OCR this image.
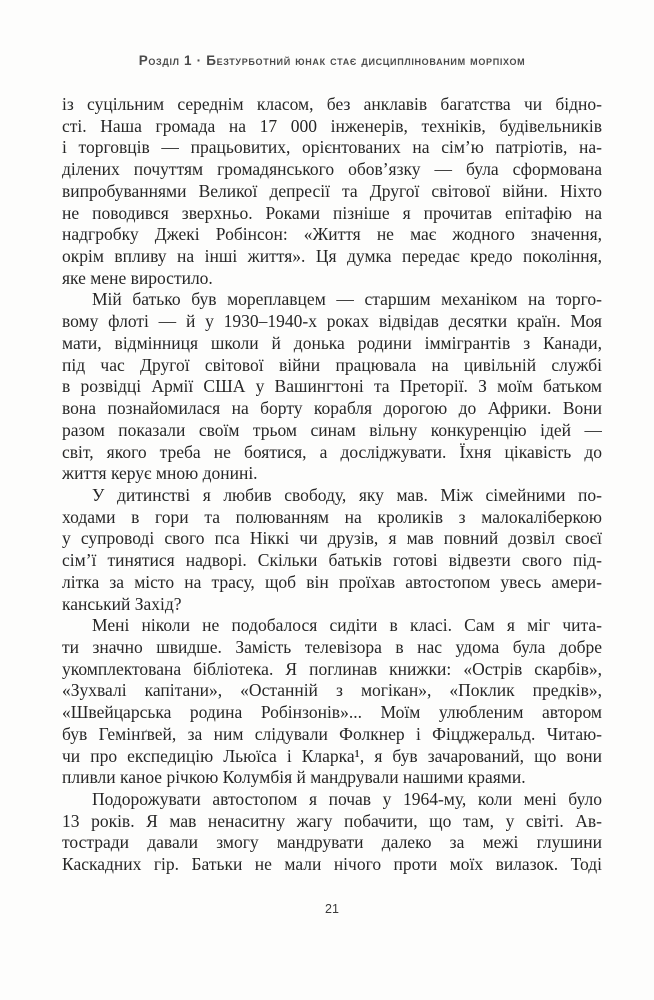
Розділ 1 · Безтурботний юнак стає дисциплінованим морпіхом
із суцільним середнім класом, без анклавів багатства чи бідно-
сті. Наша громада на 17 000 інженерів, техніків, будівельників
і торговців — працьовитих, орієнтованих на сім’ю патріотів, на-
ділених почуттям громадянського обов’язку — була сформована
випробуваннями Великої депресії та Другої світової війни. Ніхто
не поводився зверхньо. Роками пізніше я прочитав епітафію на
надгробку Джекі Робінсон: «Життя не має жодного значення,
окрім впливу на інші життя». Ця думка передає кредо покоління,
яке мене виростило.
Мій батько був мореплавцем — старшим механіком на торго-
вому флоті — й у 1930–1940-х роках відвідав десятки країн. Моя
мати, відмінниця школи й донька родини іммігрантів з Канади,
під час Другої світової війни працювала на цивільній службі
в розвідці Армії США у Вашингтоні та Преторії. З моїм батьком
вона познайомилася на борту корабля дорогою до Африки. Вони
разом показали своїм трьом синам вільну конкуренцію ідей —
світ, якого треба не боятися, а досліджувати. Їхня цікавість до
життя керує мною донині.
У дитинстві я любив свободу, яку мав. Між сімейними по-
ходами в гори та полюванням на кроликів з малокаліберкою
у супроводі свого пса Ніккі чи друзів, я мав повний дозвіл своєї
сім’ї тинятися надворі. Скільки батьків готові відвезти свого під-
літка за місто на трасу, щоб він проїхав автостопом увесь амери-
канський Захід?
Мені ніколи не подобалося сидіти в класі. Сам я міг чита-
ти значно швидше. Замість телевізора в нас удома була добре
укомплектована бібліотека. Я поглинав книжки: «Острів скарбів»,
«Зухвалі капітани», «Останній з могікан», «Поклик предків»,
«Швейцарська родина Робінзонів»... Моїм улюбленим автором
був Гемінґвей, за ним слідували Фолкнер і Фіцджеральд. Читаю-
чи про експедицію Льюїса і Кларка¹, я був зачарований, що вони
пливли каное річкою Колумбія й мандрували нашими краями.
Подорожувати автостопом я почав у 1964-му, коли мені було
13 років. Я мав ненаситну жагу побачити, що там, у світі. Ав-
тостради давали змогу мандрувати далеко за межі глушини
Каскадних гір. Батьки не мали нічого проти моїх вилазок. Тоді
21
